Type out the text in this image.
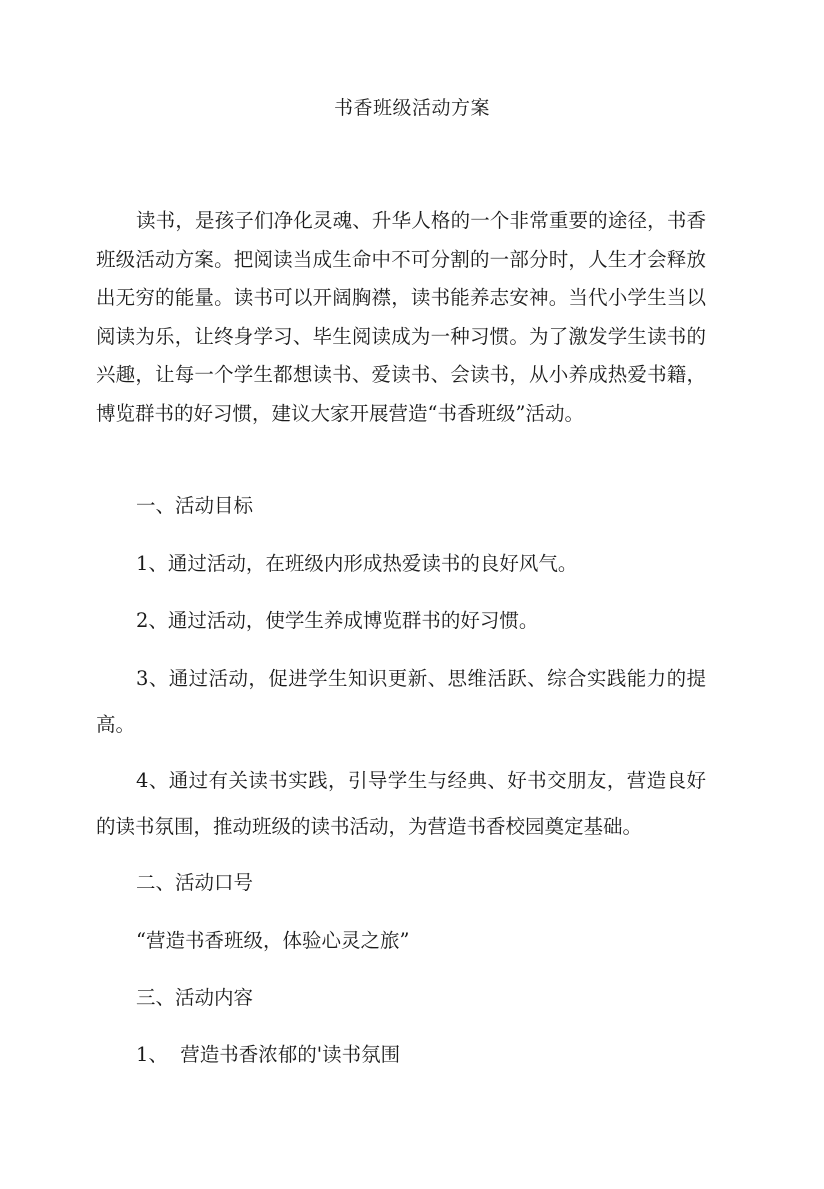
书香班级活动方案

读书，是孩子们净化灵魂、升华人格的一个非常重要的途径，书香班级活动方案。把阅读当成生命中不可分割的一部分时，人生才会释放出无穷的能量。读书可以开阔胸襟，读书能养志安神。当代小学生当以阅读为乐，让终身学习、毕生阅读成为一种习惯。为了激发学生读书的兴趣，让每一个学生都想读书、爱读书、会读书，从小养成热爱书籍，博览群书的好习惯，建议大家开展营造“书香班级”活动。

一、活动目标

1、通过活动，在班级内形成热爱读书的良好风气。

2、通过活动，使学生养成博览群书的好习惯。

3、通过活动，促进学生知识更新、思维活跃、综合实践能力的提高。

4、通过有关读书实践，引导学生与经典、好书交朋友，营造良好的读书氛围，推动班级的读书活动，为营造书香校园奠定基础。

二、活动口号

“营造书香班级，体验心灵之旅”

三、活动内容

1、  营造书香浓郁的'读书氛围
